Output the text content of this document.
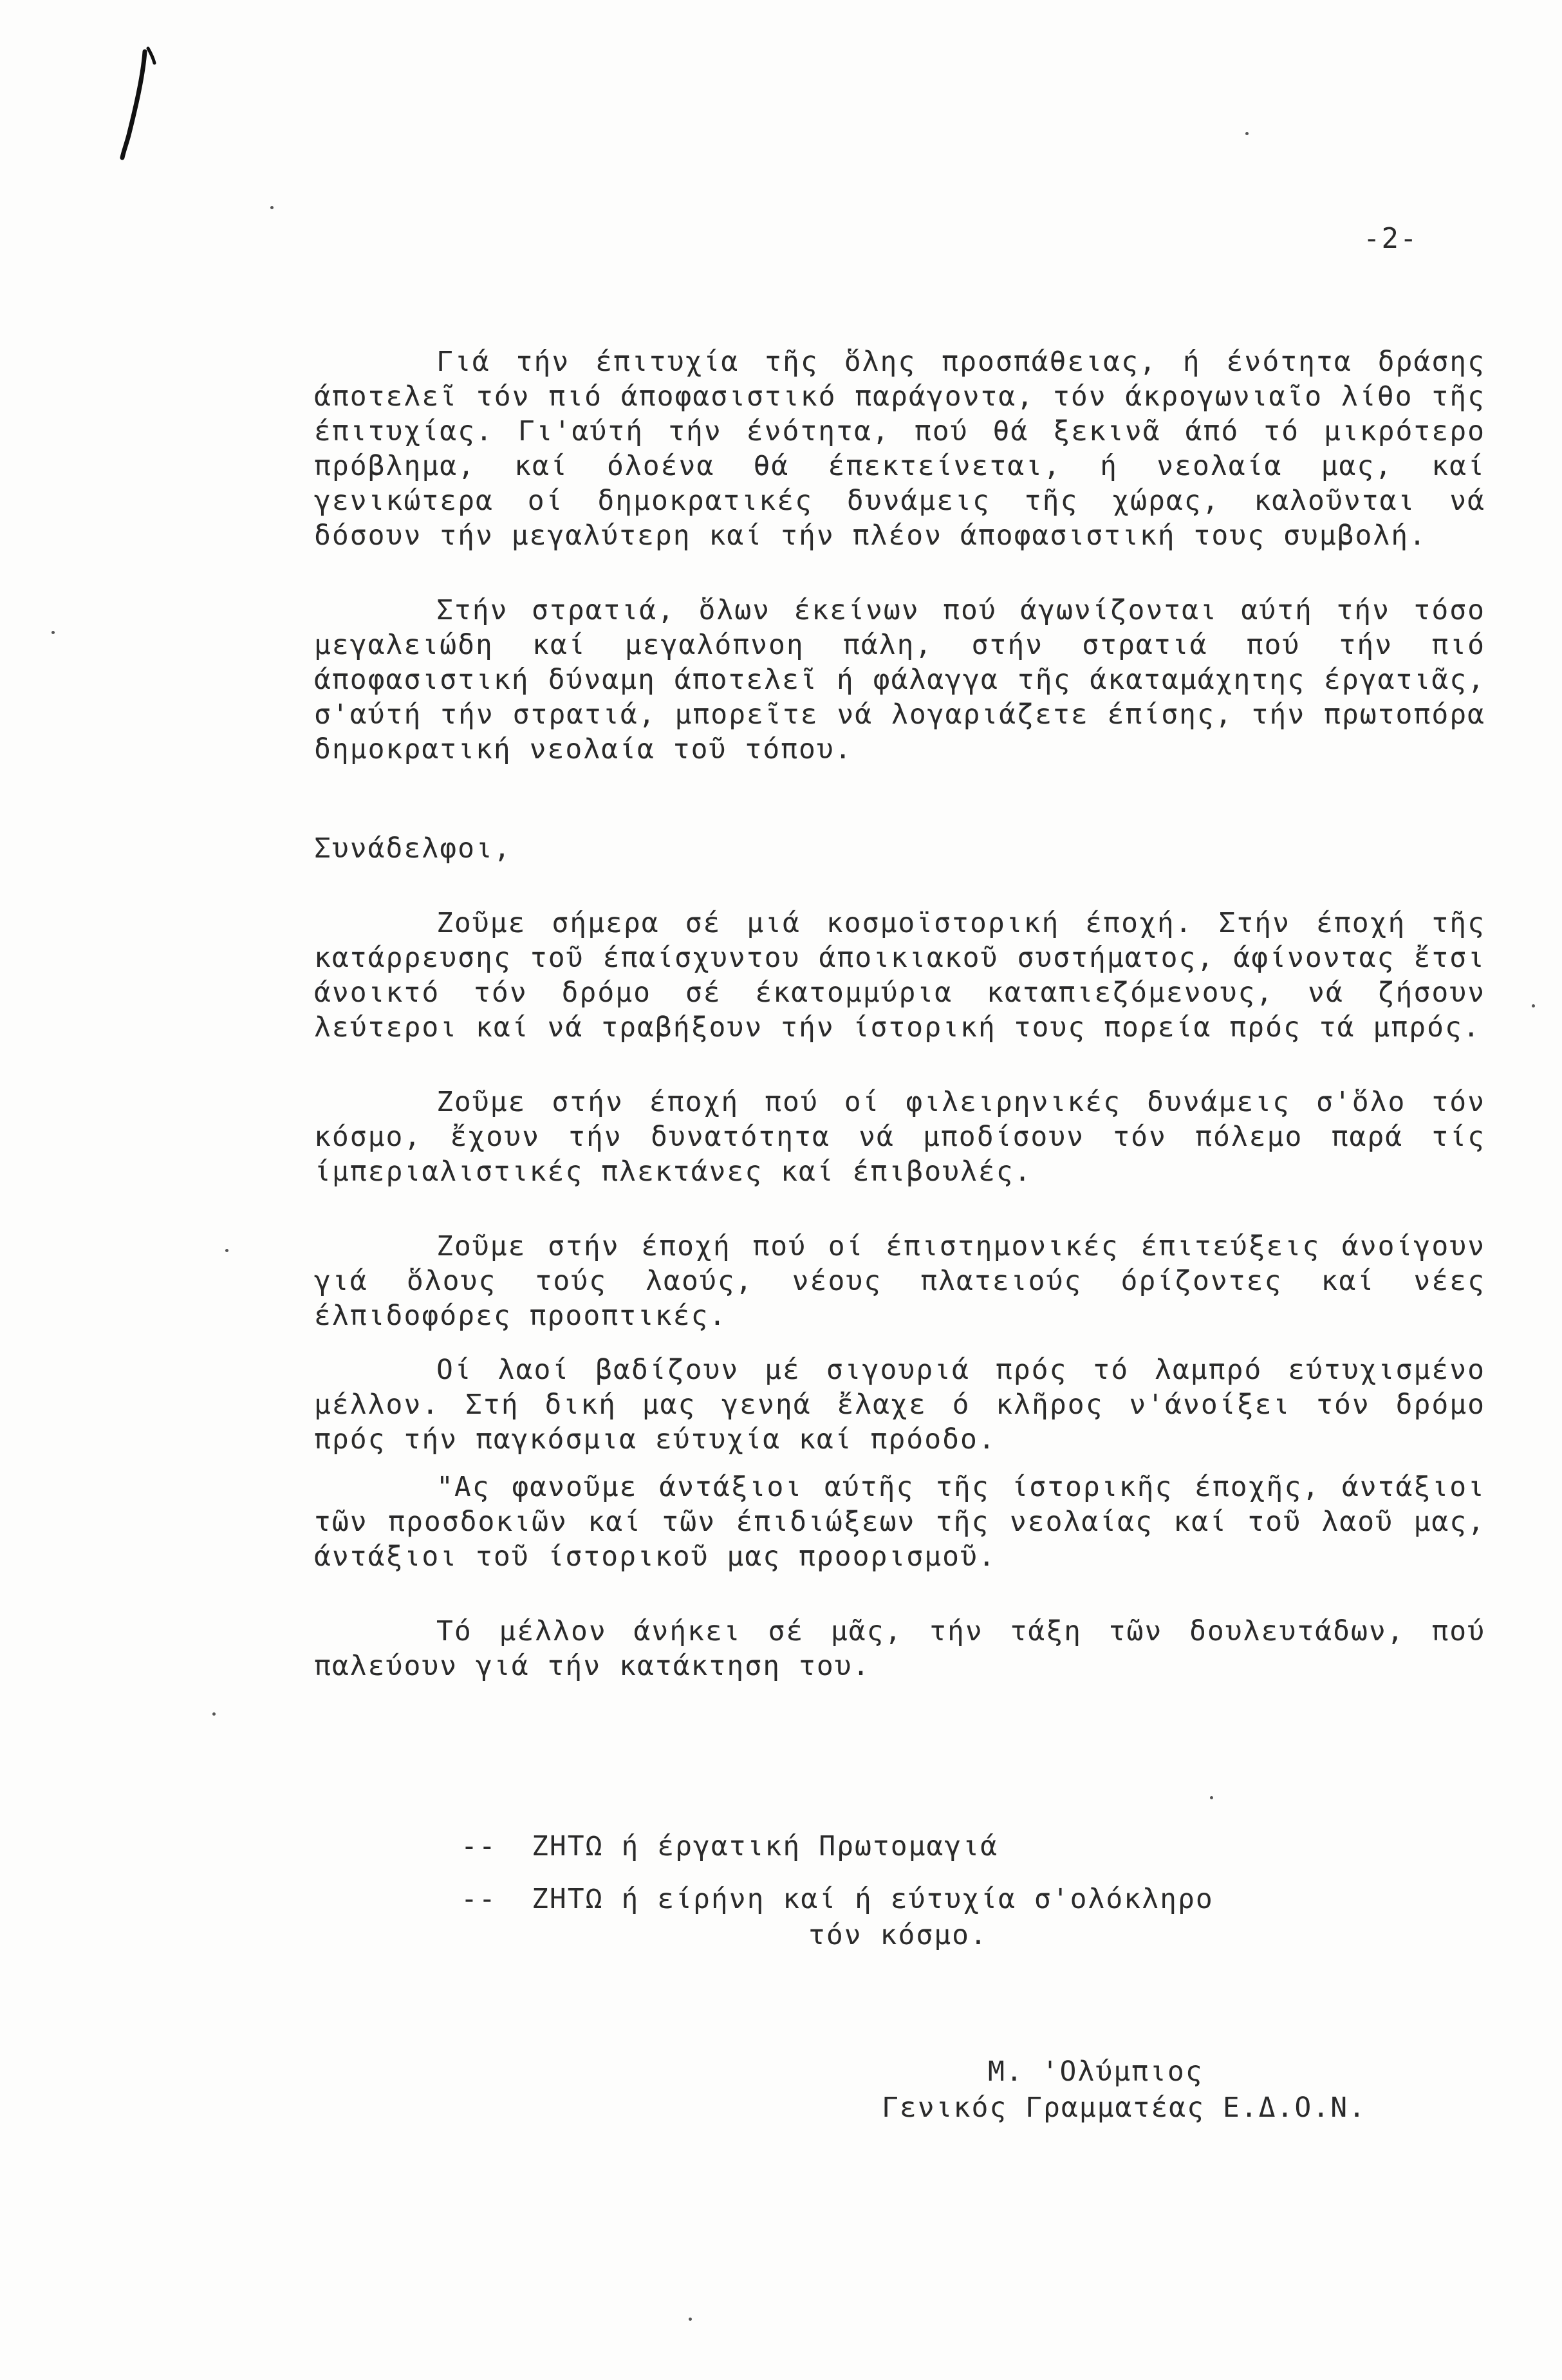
-2-

Γιά τήν έπιτυχία τῆς ὅλης προσπάθειας, ή ένότητα δράσης άποτελεῖ τόν πιό άποφασιστικό παράγοντα, τόν άκρογωνιαῖο λίθο τῆς έπιτυχίας. Γι'αύτή τήν ένότητα, πού θά ξεκινᾶ άπό τό μικρότερο πρόβλημα, καί όλοένα θά έπεκτείνεται, ή νεολαία μας, καί γενικώτερα οί δημοκρατικές δυνάμεις τῆς χώρας, καλοῦνται νά δόσουν τήν μεγαλύτερη καί τήν πλέον άποφασιστική τους συμβολή.

Στήν στρατιά, ὅλων έκείνων πού άγωνίζονται αύτή τήν τόσο μεγαλειώδη καί μεγαλόπνοη πάλη, στήν στρατιά πού τήν πιό άποφασιστική δύναμη άποτελεῖ ή φάλαγγα τῆς άκαταμάχητης έργατιᾶς, σ'αύτή τήν στρατιά, μπορεῖτε νά λογαριάζετε έπίσης, τήν πρωτοπόρα δημοκρατική νεολαία τοῦ τόπου.

Συνάδελφοι,

Ζοῦμε σήμερα σέ μιά κοσμοϊστορική έποχή. Στήν έποχή τῆς κατάρρευσης τοῦ έπαίσχυντου άποικιακοῦ συστήματος, άφίνοντας ἔτσι άνοικτό τόν δρόμο σέ έκατομμύρια καταπιεζόμενους, νά ζήσουν λεύτεροι καί νά τραβήξουν τήν ίστορική τους πορεία πρός τά μπρός.

Ζοῦμε στήν έποχή πού οί φιλειρηνικές δυνάμεις σ'ὅλο τόν κόσμο, ἔχουν τήν δυνατότητα νά μποδίσουν τόν πόλεμο παρά τίς ίμπεριαλιστικές πλεκτάνες καί έπιβουλές.

Ζοῦμε στήν έποχή πού οί έπιστημονικές έπιτεύξεις άνοίγουν γιά ὅλους τούς λαούς, νέους πλατειούς όρίζοντες καί νέες έλπιδοφόρες προοπτικές.

Οί λαοί βαδίζουν μέ σιγουριά πρός τό λαμπρό εύτυχισμένο μέλλον. Στή δική μας γενηά ἔλαχε ό κλῆρος ν'άνοίξει τόν δρόμο πρός τήν παγκόσμια εύτυχία καί πρόοδο.

"Ας φανοῦμε άντάξιοι αύτῆς τῆς ίστορικῆς έποχῆς, άντάξιοι τῶν προσδοκιῶν καί τῶν έπιδιώξεων τῆς νεολαίας καί τοῦ λαοῦ μας, άντάξιοι τοῦ ίστορικοῦ μας προορισμοῦ.

Τό μέλλον άνήκει σέ μᾶς, τήν τάξη τῶν δουλευτάδων, πού παλεύουν γιά τήν κατάκτηση του.

--	ΖΗΤΩ ή έργατική Πρωτομαγιά
--	ΖΗΤΩ ή είρήνη καί ή εύτυχία σ'ολόκληρο
τόν κόσμο.
Μ. 'Ολύμπιος
Γενικός Γραμματέας Ε.Δ.Ο.Ν.
